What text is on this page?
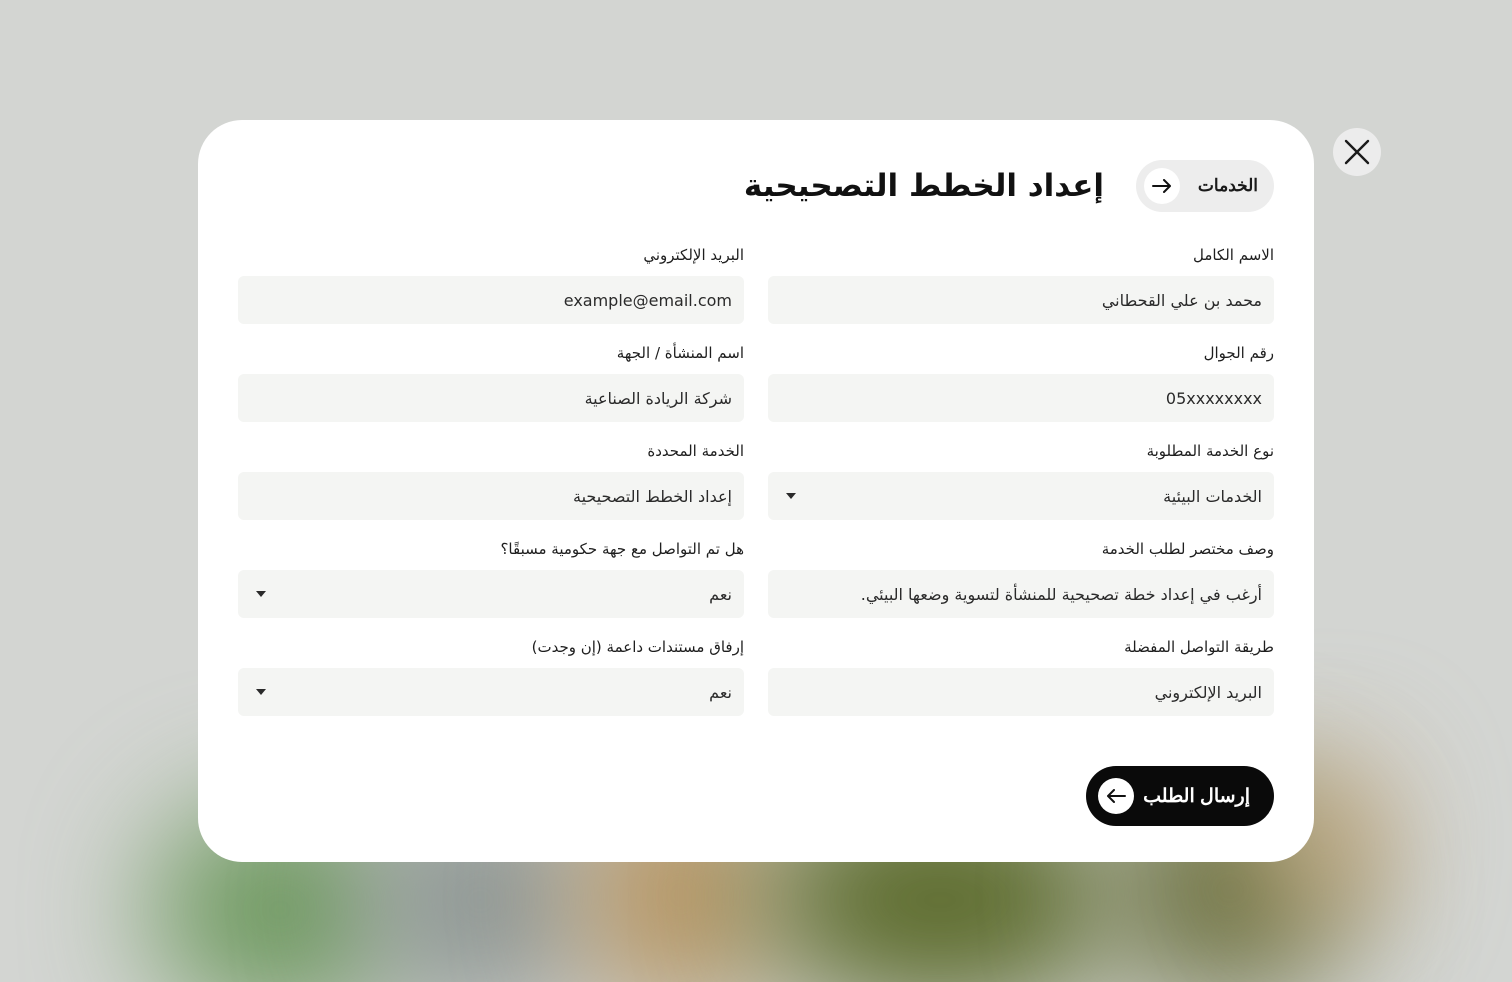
الخدمات
إعداد الخطط التصحيحية
الاسم الكامل
محمد بن علي القحطاني
البريد الإلكتروني
example@email.com
رقم الجوال
05xxxxxxxx
اسم المنشأة / الجهة
شركة الريادة الصناعية
نوع الخدمة المطلوبة
الخدمات البيئية
الخدمة المحددة
إعداد الخطط التصحيحية
وصف مختصر لطلب الخدمة
أرغب في إعداد خطة تصحيحية للمنشأة لتسوية وضعها البيئي.
هل تم التواصل مع جهة حكومية مسبقًا؟
نعم
طريقة التواصل المفضلة
البريد الإلكتروني
إرفاق مستندات داعمة (إن وجدت)
نعم
إرسال الطلب
